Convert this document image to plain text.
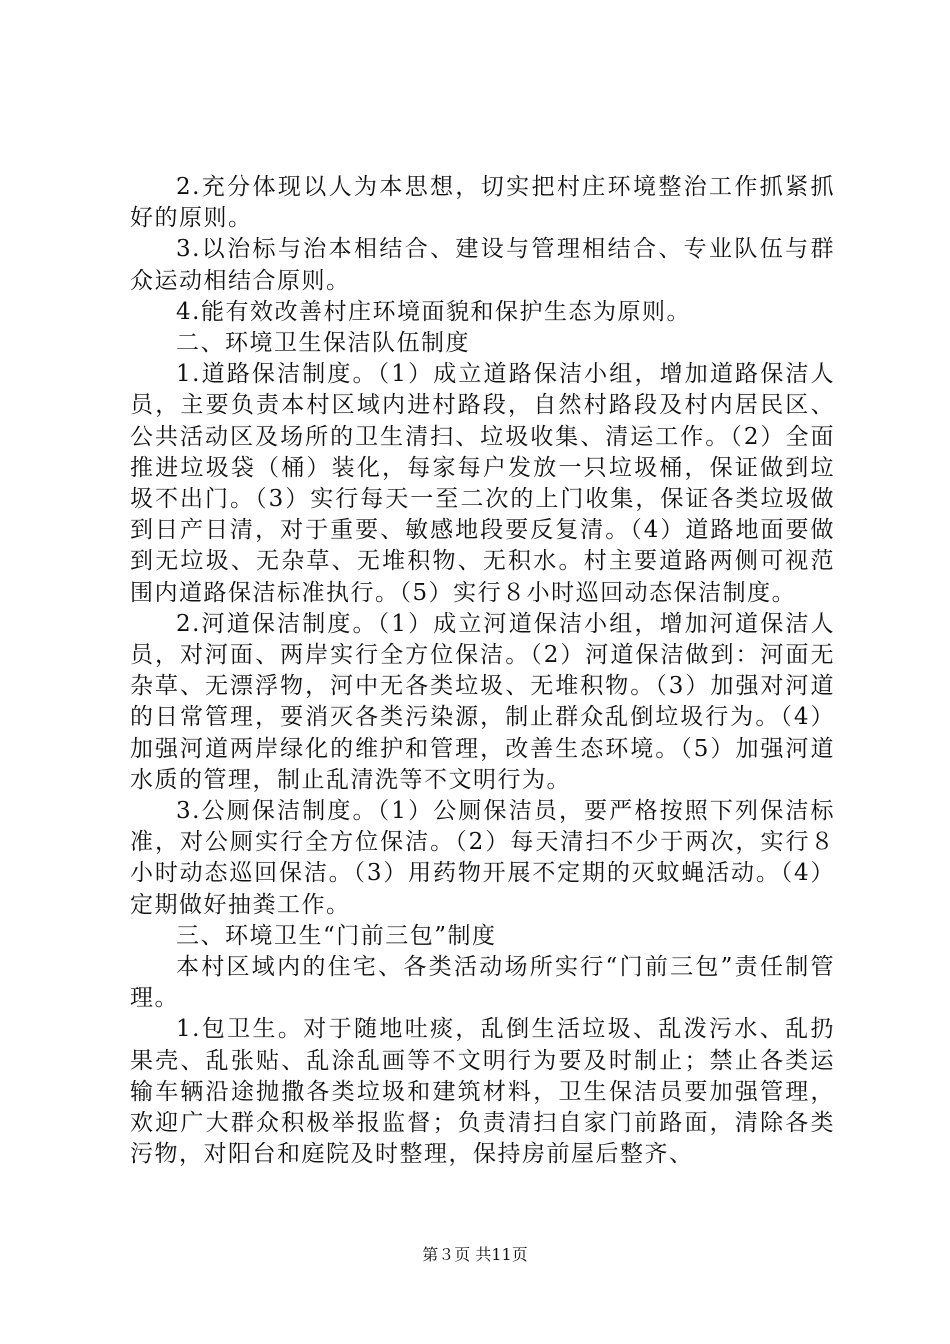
2.充分体现以人为本思想，切实把村庄环境整治工作抓紧抓好的原则。

3.以治标与治本相结合、建设与管理相结合、专业队伍与群众运动相结合原则。

4.能有效改善村庄环境面貌和保护生态为原则。

二、环境卫生保洁队伍制度

1.道路保洁制度。（1）成立道路保洁小组，增加道路保洁人员，主要负责本村区域内进村路段，自然村路段及村内居民区、公共活动区及场所的卫生清扫、垃圾收集、清运工作。（2）全面推进垃圾袋（桶）装化，每家每户发放一只垃圾桶，保证做到垃圾不出门。（3）实行每天一至二次的上门收集，保证各类垃圾做到日产日清，对于重要、敏感地段要反复清。（4）道路地面要做到无垃圾、无杂草、无堆积物、无积水。村主要道路两侧可视范围内道路保洁标准执行。（5）实行８小时巡回动态保洁制度。

2.河道保洁制度。（1）成立河道保洁小组，增加河道保洁人员，对河面、两岸实行全方位保洁。（2）河道保洁做到：河面无杂草、无漂浮物，河中无各类垃圾、无堆积物。（3）加强对河道的日常管理，要消灭各类污染源，制止群众乱倒垃圾行为。（4）加强河道两岸绿化的维护和管理，改善生态环境。（5）加强河道水质的管理，制止乱清洗等不文明行为。

3.公厕保洁制度。（1）公厕保洁员，要严格按照下列保洁标准，对公厕实行全方位保洁。（2）每天清扫不少于两次，实行８小时动态巡回保洁。（3）用药物开展不定期的灭蚊蝇活动。（4）定期做好抽粪工作。

三、环境卫生“门前三包”制度

本村区域内的住宅、各类活动场所实行“门前三包”责任制管理。

1.包卫生。对于随地吐痰，乱倒生活垃圾、乱泼污水、乱扔果壳、乱张贴、乱涂乱画等不文明行为要及时制止；禁止各类运输车辆沿途抛撒各类垃圾和建筑材料，卫生保洁员要加强管理，欢迎广大群众积极举报监督；负责清扫自家门前路面，清除各类污物，对阳台和庭院及时整理，保持房前屋后整齐、

第３页 共11页
